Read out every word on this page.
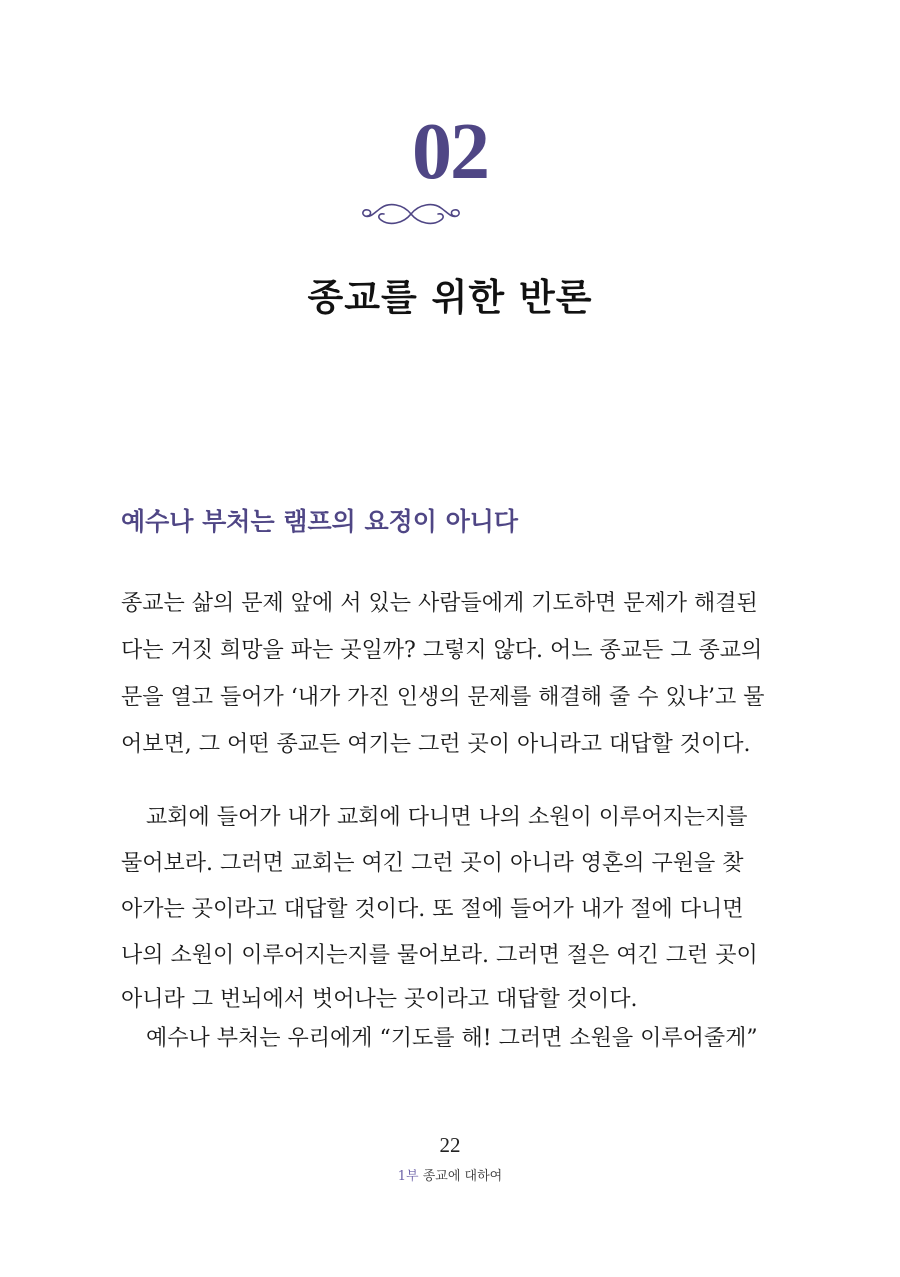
02
종교를 위한 반론
예수나 부처는 램프의 요정이 아니다
종교는 삶의 문제 앞에 서 있는 사람들에게 기도하면 문제가 해결된
다는 거짓 희망을 파는 곳일까? 그렇지 않다. 어느 종교든 그 종교의
문을 열고 들어가 ‘내가 가진 인생의 문제를 해결해 줄 수 있냐’고 물
어보면, 그 어떤 종교든 여기는 그런 곳이 아니라고 대답할 것이다.
교회에 들어가 내가 교회에 다니면 나의 소원이 이루어지는지를
물어보라. 그러면 교회는 여긴 그런 곳이 아니라 영혼의 구원을 찾
아가는 곳이라고 대답할 것이다. 또 절에 들어가 내가 절에 다니면
나의 소원이 이루어지는지를 물어보라. 그러면 절은 여긴 그런 곳이
아니라 그 번뇌에서 벗어나는 곳이라고 대답할 것이다.
예수나 부처는 우리에게 “기도를 해! 그러면 소원을 이루어줄게”
22
1부 종교에 대하여
